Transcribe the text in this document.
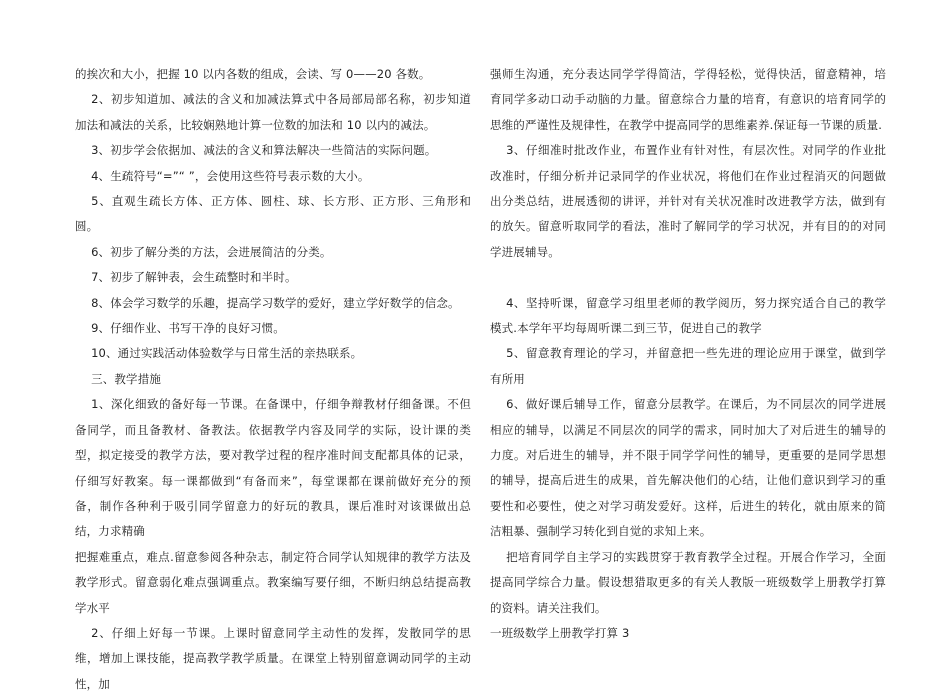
的挨次和大小，把握 10 以内各数的组成，会读、写 0——20 各数。

2、初步知道加、减法的含义和加减法算式中各局部局部名称，初步知道加法和减法的关系，比较娴熟地计算一位数的加法和 10 以内的减法。

3、初步学会依据加、减法的含义和算法解决一些简洁的实际问题。

4、生疏符号“=”“ ”，会使用这些符号表示数的大小。

5、直观生疏长方体、正方体、圆柱、球、长方形、正方形、三角形和圆。

6、初步了解分类的方法，会进展简洁的分类。

7、初步了解钟表，会生疏整时和半时。

8、体会学习数学的乐趣，提高学习数学的爱好，建立学好数学的信念。

9、仔细作业、书写干净的良好习惯。

10、通过实践活动体验数学与日常生活的亲热联系。

三、教学措施

1、深化细致的备好每一节课。在备课中，仔细争辩教材仔细备课。不但备同学，而且备教材、备教法。依据教学内容及同学的实际，设计课的类型，拟定接受的教学方法，要对教学过程的程序准时间支配都具体的记录，仔细写好教案。每一课都做到“有备而来”，每堂课都在课前做好充分的预备，制作各种利于吸引同学留意力的好玩的教具，课后准时对该课做出总结，力求精确

把握难重点，难点.留意参阅各种杂志，制定符合同学认知规律的教学方法及教学形式。留意弱化难点强调重点。教案编写要仔细，不断归纳总结提高教学水平

2、仔细上好每一节课。上课时留意同学主动性的发挥，发散同学的思维，增加上课技能，提高教学教学质量。在课堂上特别留意调动同学的主动性，加

强师生沟通，充分表达同学学得简洁，学得轻松，觉得快活，留意精神，培育同学多动口动手动脑的力量。留意综合力量的培育，有意识的培育同学的思维的严谨性及规律性，在教学中提高同学的思维素养.保证每一节课的质量.

3、仔细准时批改作业，布置作业有针对性，有层次性。对同学的作业批改准时，仔细分析并记录同学的作业状况，将他们在作业过程消灭的问题做出分类总结，进展透彻的讲评，并针对有关状况准时改进教学方法，做到有的放矢。留意听取同学的看法，准时了解同学的学习状况，并有目的的对同学进展辅导。

4、坚持听课，留意学习组里老师的教学阅历，努力探究适合自己的教学模式.本学年平均每周听课二到三节，促进自己的教学

5、留意教育理论的学习，并留意把一些先进的理论应用于课堂，做到学有所用

6、做好课后辅导工作，留意分层教学。在课后，为不同层次的同学进展相应的辅导，以满足不同层次的同学的需求，同时加大了对后进生的辅导的力度。对后进生的辅导，并不限于同学学问性的辅导，更重要的是同学思想的辅导，提高后进生的成果，首先解决他们的心结，让他们意识到学习的重要性和必要性，使之对学习萌发爱好。这样，后进生的转化，就由原来的简洁粗暴、强制学习转化到自觉的求知上来。

把培育同学自主学习的实践贯穿于教育教学全过程。开展合作学习，全面提高同学综合力量。假设想猎取更多的有关人教版一班级数学上册教学打算的资料。请关注我们。

一班级数学上册教学打算 3
